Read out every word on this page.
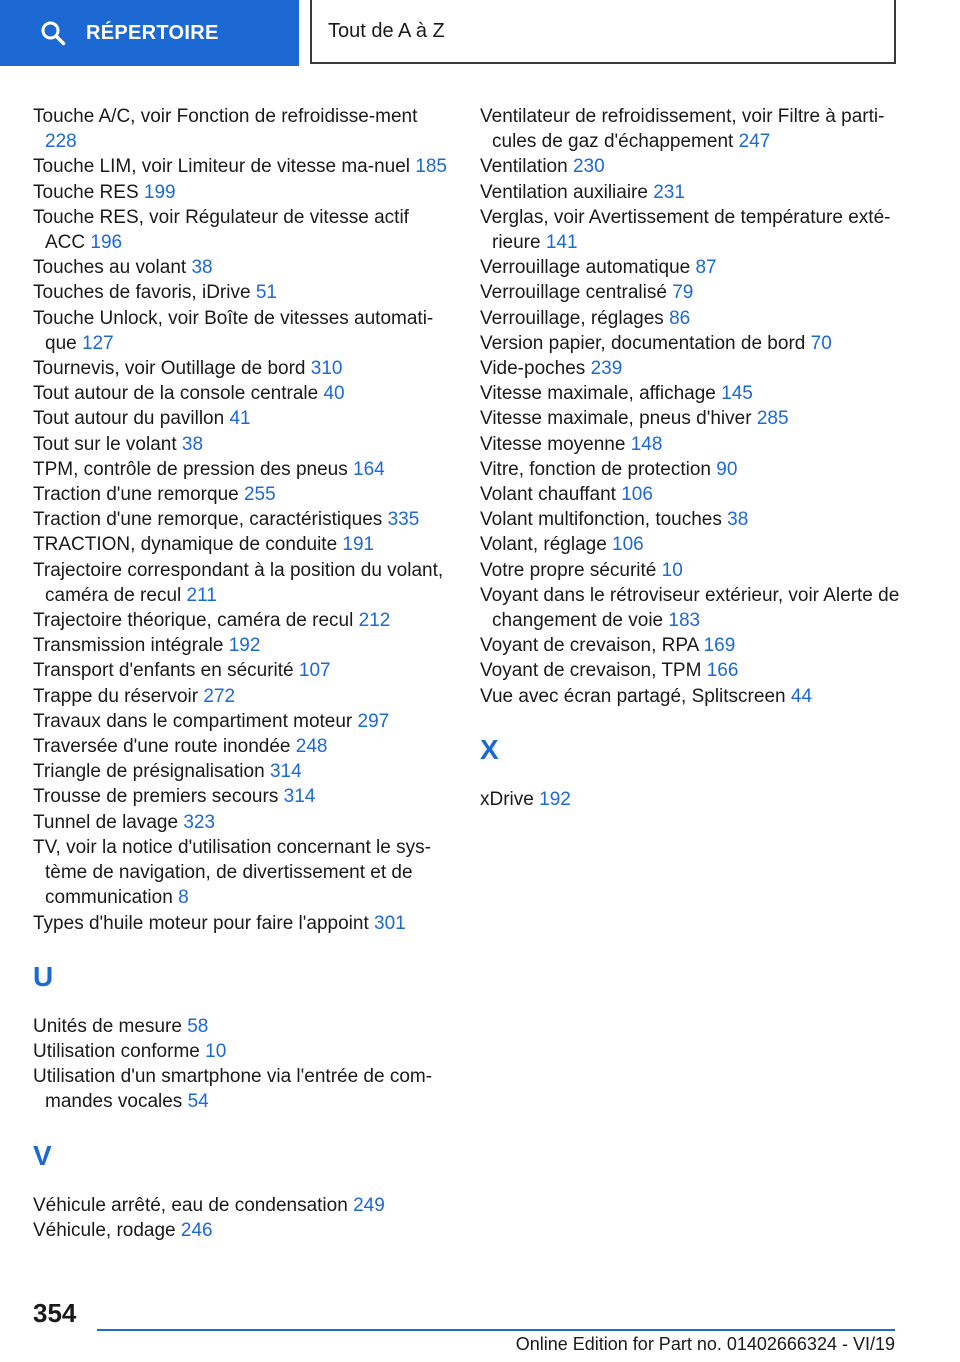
RÉPERTOIRE	Tout de A à Z
Touche A/C, voir Fonction de refroidisse-ment 228
Touche LIM, voir Limiteur de vitesse ma-nuel 185
Touche RES 199
Touche RES, voir Régulateur de vitesse actif ACC 196
Touches au volant 38
Touches de favoris, iDrive 51
Touche Unlock, voir Boîte de vitesses automati-que 127
Tournevis, voir Outillage de bord 310
Tout autour de la console centrale 40
Tout autour du pavillon 41
Tout sur le volant 38
TPM, contrôle de pression des pneus 164
Traction d'une remorque 255
Traction d'une remorque, caractéristiques 335
TRACTION, dynamique de conduite 191
Trajectoire correspondant à la position du volant, caméra de recul 211
Trajectoire théorique, caméra de recul 212
Transmission intégrale 192
Transport d'enfants en sécurité 107
Trappe du réservoir 272
Travaux dans le compartiment moteur 297
Traversée d'une route inondée 248
Triangle de présignalisation 314
Trousse de premiers secours 314
Tunnel de lavage 323
TV, voir la notice d'utilisation concernant le sys-tème de navigation, de divertissement et de communication 8
Types d'huile moteur pour faire l'appoint 301
U
Unités de mesure 58
Utilisation conforme 10
Utilisation d'un smartphone via l'entrée de com-mandes vocales 54
V
Véhicule arrêté, eau de condensation 249
Véhicule, rodage 246
Ventilateur de refroidissement, voir Filtre à parti-cules de gaz d'échappement 247
Ventilation 230
Ventilation auxiliaire 231
Verglas, voir Avertissement de température exté-rieure 141
Verrouillage automatique 87
Verrouillage centralisé 79
Verrouillage, réglages 86
Version papier, documentation de bord 70
Vide-poches 239
Vitesse maximale, affichage 145
Vitesse maximale, pneus d'hiver 285
Vitesse moyenne 148
Vitre, fonction de protection 90
Volant chauffant 106
Volant multifonction, touches 38
Volant, réglage 106
Votre propre sécurité 10
Voyant dans le rétroviseur extérieur, voir Alerte de changement de voie 183
Voyant de crevaison, RPA 169
Voyant de crevaison, TPM 166
Vue avec écran partagé, Splitscreen 44
X
xDrive 192
354
Online Edition for Part no. 01402666324 - VI/19
